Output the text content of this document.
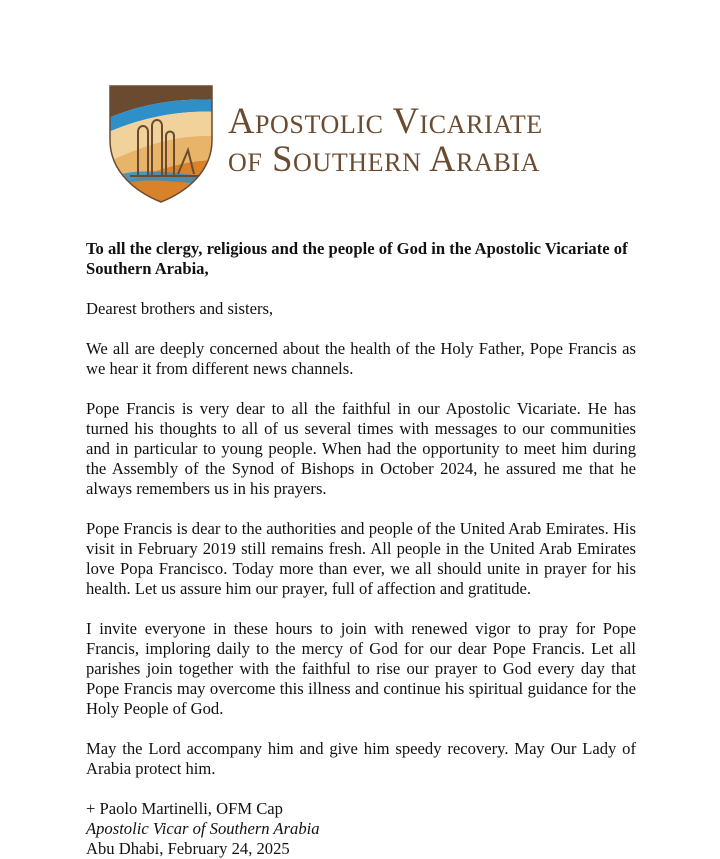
Apostolic Vicariate
of Southern Arabia

To all the clergy, religious and the people of God in the Apostolic Vicariate of Southern Arabia,

Dearest brothers and sisters,

We all are deeply concerned about the health of the Holy Father, Pope Francis as we hear it from different news channels.

Pope Francis is very dear to all the faithful in our Apostolic Vicariate. He has turned his thoughts to all of us several times with messages to our communities and in particular to young people. When had the opportunity to meet him during the Assembly of the Synod of Bishops in October 2024, he assured me that he always remembers us in his prayers.

Pope Francis is dear to the authorities and people of the United Arab Emirates. His visit in February 2019 still remains fresh. All people in the United Arab Emirates love Popa Francisco. Today more than ever, we all should unite in prayer for his health. Let us assure him our prayer, full of affection and gratitude.

I invite everyone in these hours to join with renewed vigor to pray for Pope Francis, imploring daily to the mercy of God for our dear Pope Francis. Let all parishes join together with the faithful to rise our prayer to God every day that Pope Francis may overcome this illness and continue his spiritual guidance for the Holy People of God.

May the Lord accompany him and give him speedy recovery. May Our Lady of Arabia protect him.

+ Paolo Martinelli, OFM Cap
Apostolic Vicar of Southern Arabia
Abu Dhabi, February 24, 2025
